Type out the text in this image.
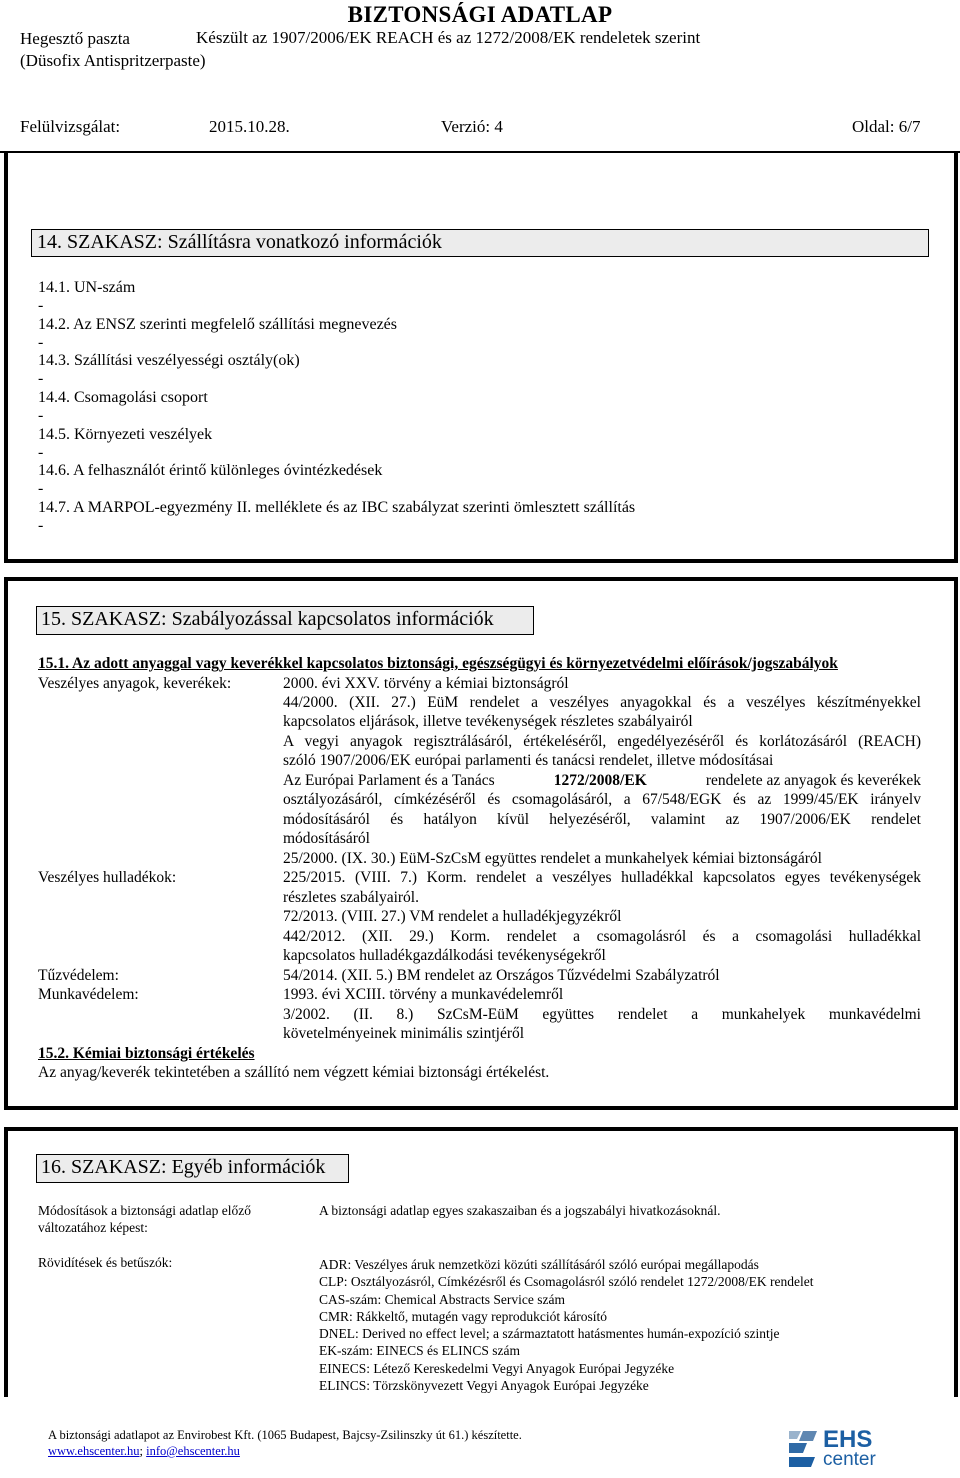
BIZTONSÁGI ADATLAP
Hegesztő paszta
(Düsofix Antispritzerpaste)
Készült az 1907/2006/EK REACH és az 1272/2008/EK rendeletek szerint
Felülvizsgálat:	2015.10.28.	Verzió: 4	Oldal: 6/7
14. SZAKASZ: Szállításra vonatkozó információk
14.1. UN-szám
-
14.2. Az ENSZ szerinti megfelelő szállítási megnevezés
-
14.3. Szállítási veszélyességi osztály(ok)
-
14.4. Csomagolási csoport
-
14.5. Környezeti veszélyek
-
14.6. A felhasználót érintő különleges óvintézkedések
-
14.7. A MARPOL-egyezmény II. melléklete és az IBC szabályzat szerinti ömlesztett szállítás
-
15. SZAKASZ: Szabályozással kapcsolatos információk
15.1. Az adott anyaggal vagy keverékkel kapcsolatos biztonsági, egészségügyi és környezetvédelmi előírások/jogszabályok
Veszélyes anyagok, keverékek:	2000. évi XXV. törvény a kémiai biztonságról
44/2000. (XII. 27.) EüM rendelet a veszélyes anyagokkal és a veszélyes készítményekkel
kapcsolatos eljárások, illetve tevékenységek részletes szabályairól
A vegyi anyagok regisztrálásáról, értékeléséről, engedélyezéséről és korlátozásáról (REACH)
szóló 1907/2006/EK európai parlamenti és tanácsi rendelet, illetve módosításai
Az Európai Parlament és a Tanács	1272/2008/EK	rendelete az anyagok és keverékek
osztályozásáról, címkézéséről és csomagolásáról, a 67/548/EGK és az 1999/45/EK irányelv
módosításáról és hatályon kívül helyezéséről, valamint az 1907/2006/EK rendelet
módosításáról
25/2000. (IX. 30.) EüM-SzCsM együttes rendelet a munkahelyek kémiai biztonságáról
Veszélyes hulladékok:	225/2015. (VIII. 7.) Korm. rendelet a veszélyes hulladékkal kapcsolatos egyes tevékenységek
részletes szabályairól.
72/2013. (VIII. 27.) VM rendelet a hulladékjegyzékről
442/2012. (XII. 29.) Korm. rendelet a csomagolásról és a csomagolási hulladékkal
kapcsolatos hulladékgazdálkodási tevékenységekről
Tűzvédelem:	54/2014. (XII. 5.) BM rendelet az Országos Tűzvédelmi Szabályzatról
Munkavédelem:	1993. évi XCIII. törvény a munkavédelemről
3/2002. (II. 8.) SzCsM-EüM együttes rendelet a munkahelyek munkavédelmi
követelményeinek minimális szintjéről
15.2. Kémiai biztonsági értékelés
Az anyag/keverék tekintetében a szállító nem végzett kémiai biztonsági értékelést.
16. SZAKASZ: Egyéb információk
Módosítások a biztonsági adatlap előző
változatához képest:
A biztonsági adatlap egyes szakaszaiban és a jogszabályi hivatkozásoknál.
Rövidítések és betűszók:	ADR: Veszélyes áruk nemzetközi közúti szállításáról szóló európai megállapodás
CLP: Osztályozásról, Címkézésről és Csomagolásról szóló rendelet 1272/2008/EK rendelet
CAS-szám: Chemical Abstracts Service szám
CMR: Rákkeltő, mutagén vagy reprodukciót károsító
DNEL: Derived no effect level; a származtatott hatásmentes humán-expozíció szintje
EK-szám: EINECS és ELINCS szám
EINECS: Létező Kereskedelmi Vegyi Anyagok Európai Jegyzéke
ELINCS: Törzskönyvezett Vegyi Anyagok Európai Jegyzéke
A biztonsági adatlapot az Envirobest Kft. (1065 Budapest, Bajcsy-Zsilinszky út 61.) készítette.
www.ehscenter.hu; info@ehscenter.hu	EHS
center
